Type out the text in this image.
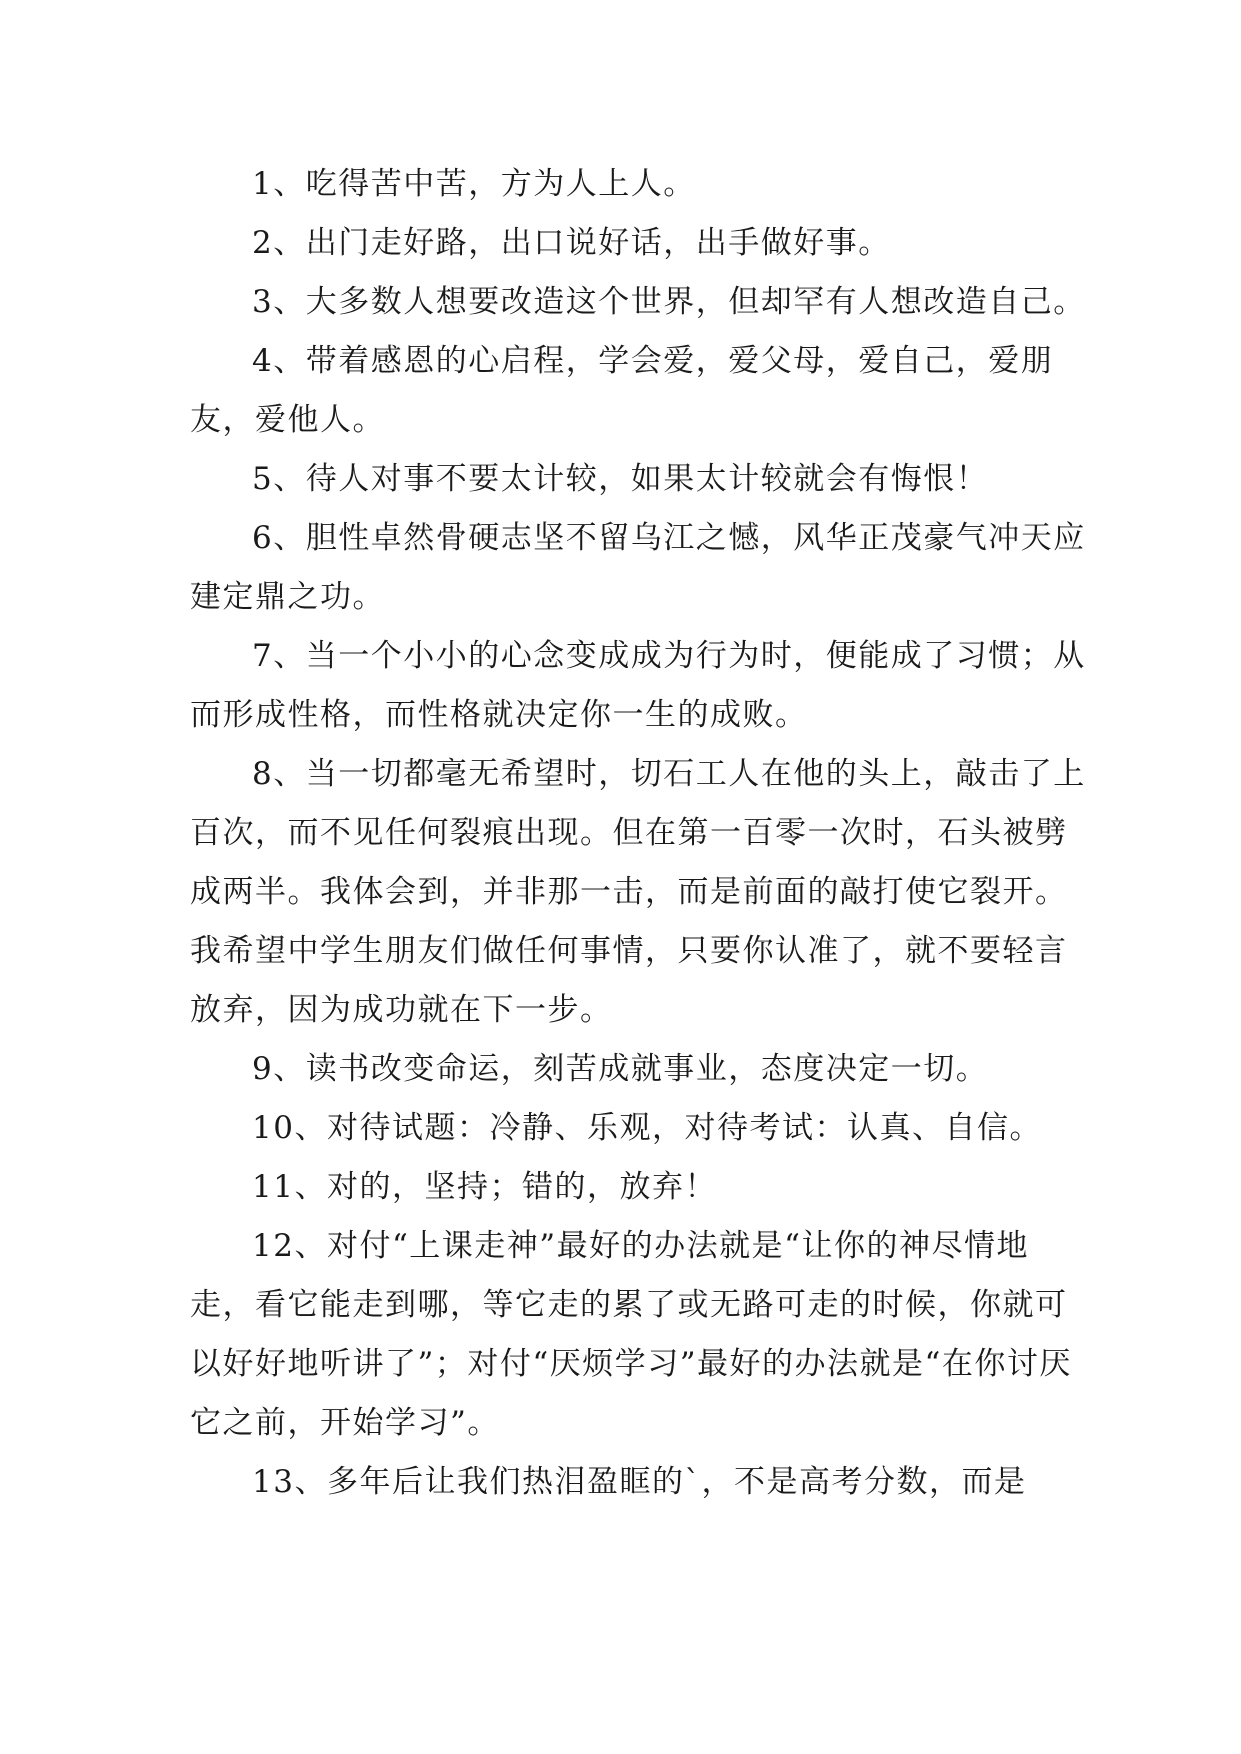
1、吃得苦中苦，方为人上人。

2、出门走好路，出口说好话，出手做好事。

3、大多数人想要改造这个世界，但却罕有人想改造自己。

4、带着感恩的心启程，学会爱，爱父母，爱自己，爱朋友，爱他人。

5、待人对事不要太计较，如果太计较就会有悔恨！

6、胆性卓然骨硬志坚不留乌江之憾，风华正茂豪气冲天应建定鼎之功。

7、当一个小小的心念变成成为行为时，便能成了习惯；从而形成性格，而性格就决定你一生的成败。

8、当一切都毫无希望时，切石工人在他的头上，敲击了上百次，而不见任何裂痕出现。但在第一百零一次时，石头被劈成两半。我体会到，并非那一击，而是前面的敲打使它裂开。我希望中学生朋友们做任何事情，只要你认准了，就不要轻言放弃，因为成功就在下一步。

9、读书改变命运，刻苦成就事业，态度决定一切。

10、对待试题：冷静、乐观，对待考试：认真、自信。

11、对的，坚持；错的，放弃！

12、对付“上课走神”最好的办法就是“让你的神尽情地走，看它能走到哪，等它走的累了或无路可走的时候，你就可以好好地听讲了”；对付“厌烦学习”最好的办法就是“在你讨厌它之前，开始学习”。

13、多年后让我们热泪盈眶的`，不是高考分数，而是
